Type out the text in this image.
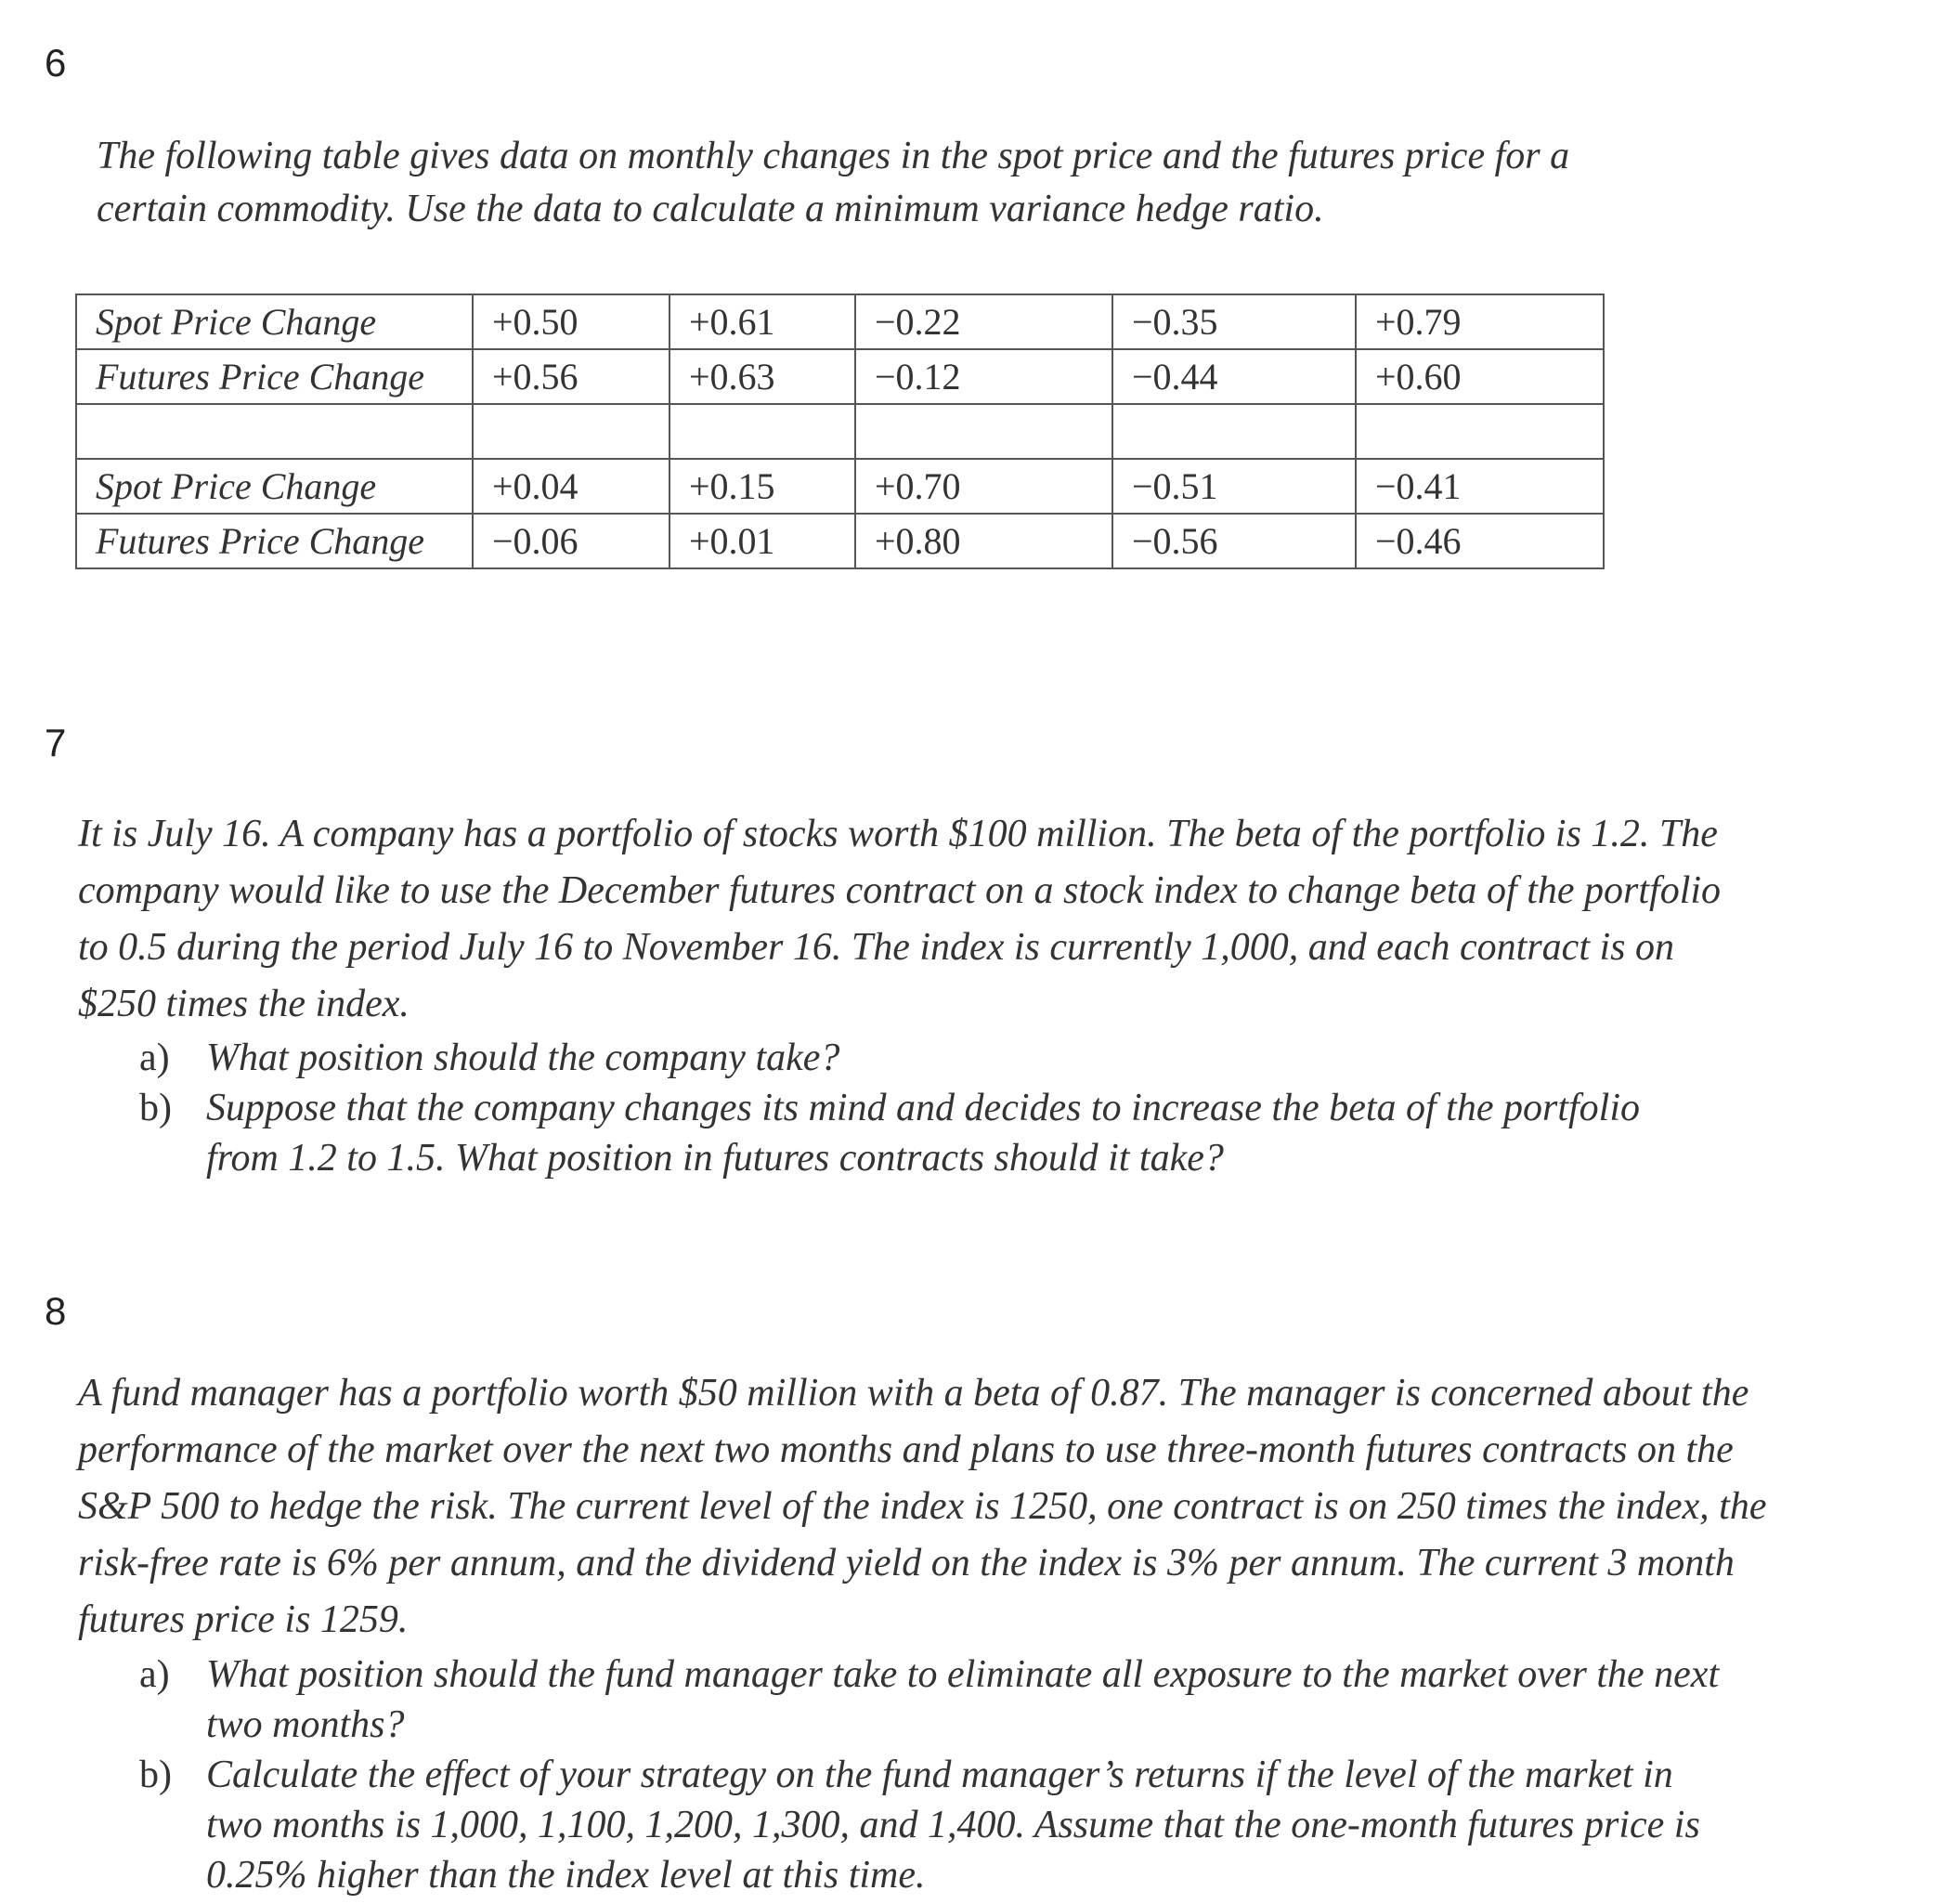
6

The following table gives data on monthly changes in the spot price and the futures price for a certain commodity. Use the data to calculate a minimum variance hedge ratio.

Spot Price Change	+0.50	+0.61	−0.22	−0.35	+0.79
Futures Price Change	+0.56	+0.63	−0.12	−0.44	+0.60

Spot Price Change	+0.04	+0.15	+0.70	−0.51	−0.41
Futures Price Change	−0.06	+0.01	+0.80	−0.56	−0.46
7

It is July 16. A company has a portfolio of stocks worth $100 million. The beta of the portfolio is 1.2. The company would like to use the December futures contract on a stock index to change beta of the portfolio to 0.5 during the period July 16 to November 16. The index is currently 1,000, and each contract is on $250 times the index.

a) What position should the company take?
b) Suppose that the company changes its mind and decides to increase the beta of the portfolio from 1.2 to 1.5. What position in futures contracts should it take?
8

A fund manager has a portfolio worth $50 million with a beta of 0.87. The manager is concerned about the performance of the market over the next two months and plans to use three-month futures contracts on the S&P 500 to hedge the risk. The current level of the index is 1250, one contract is on 250 times the index, the risk-free rate is 6% per annum, and the dividend yield on the index is 3% per annum. The current 3 month futures price is 1259.

a) What position should the fund manager take to eliminate all exposure to the market over the next two months?
b) Calculate the effect of your strategy on the fund manager’s returns if the level of the market in two months is 1,000, 1,100, 1,200, 1,300, and 1,400. Assume that the one-month futures price is 0.25% higher than the index level at this time.
